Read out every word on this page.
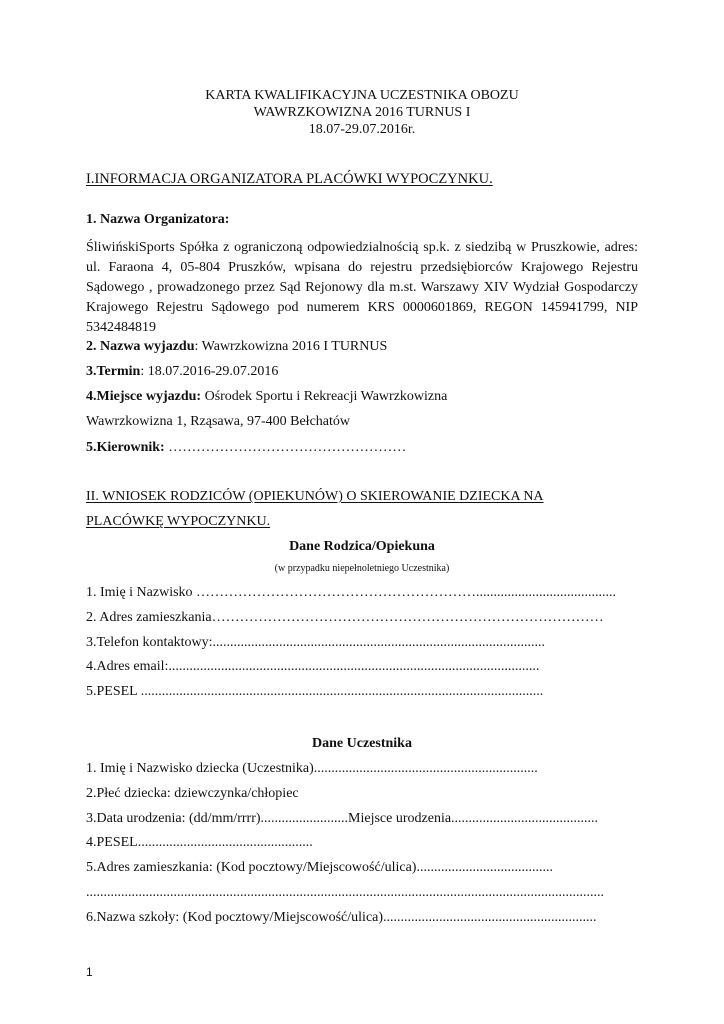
KARTA KWALIFIKACYJNA UCZESTNIKA OBOZU
WAWRZKOWIZNA 2016 TURNUS I
18.07-29.07.2016r.
I.INFORMACJA ORGANIZATORA PLACÓWKI WYPOCZYNKU.
1. Nazwa Organizatora:
ŚliwińskiSports Spółka z ograniczoną odpowiedzialnością sp.k. z siedzibą w Pruszkowie, adres: ul. Faraona 4, 05-804 Pruszków, wpisana do rejestru przedsiębiorców Krajowego Rejestru Sądowego , prowadzonego przez Sąd Rejonowy dla m.st. Warszawy XIV Wydział Gospodarczy Krajowego Rejestru Sądowego pod numerem KRS 0000601869, REGON 145941799, NIP 5342484819
2. Nazwa wyjazdu: Wawrzkowizna 2016 I TURNUS
3.Termin: 18.07.2016-29.07.2016
4.Miejsce wyjazdu: Ośrodek Sportu i Rekreacji Wawrzkowizna
Wawrzkowizna 1, Rząsawa, 97-400 Bełchatów
5.Kierownik: ……………………………………………
II. WNIOSEK RODZICÓW (OPIEKUNÓW) O SKIEROWANIE DZIECKA NA
PLACÓWKĘ WYPOCZYNKU.
Dane Rodzica/Opiekuna
(w przypadku niepełnoletniego Uczestnika)
1. Imię i Nazwisko ……………………………………………………........................................
2. Adres zamieszkania…………………………………………………………………………
3.Telefon kontaktowy:...............................................................................................
4.Adres email:..........................................................................................................
5.PESEL ...................................................................................................................
Dane Uczestnika
1. Imię i Nazwisko dziecka (Uczestnika)................................................................
2.Płeć dziecka: dziewczynka/chłopiec
3.Data urodzenia: (dd/mm/rrrr).........................Miejsce urodzenia..........................................
4.PESEL..................................................
5.Adres zamieszkania: (Kod pocztowy/Miejscowość/ulica).......................................
....................................................................................................................................................
6.Nazwa szkoły: (Kod pocztowy/Miejscowość/ulica).............................................................
1
